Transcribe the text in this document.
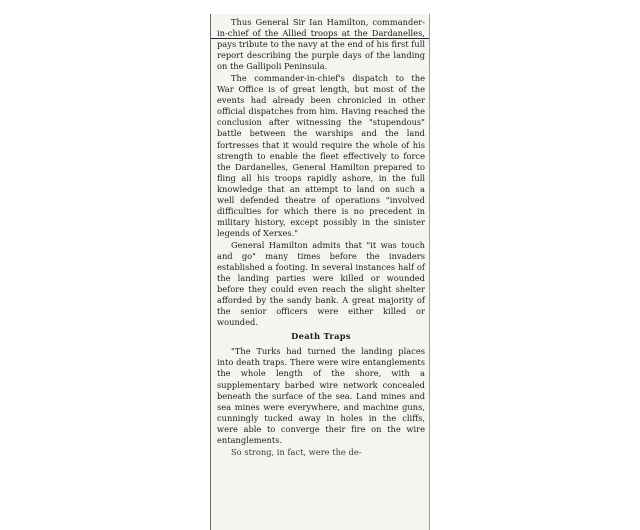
Thus General Sir Ian Hamilton, commander-in-chief of the Allied troops at the Dardanelles, pays tribute to the navy at the end of his first full report describing the purple days of the landing on the Gallipoli Peninsula.

The commander-in-chief's dispatch to the War Office is of great length, but most of the events had already been chronicled in other official dispatches from him. Having reached the conclusion after witnessing the "stupendous" battle between the warships and the land fortresses that it would require the whole of his strength to enable the fleet effectively to force the Dardanelles, General Hamilton prepared to fling all his troops rapidly ashore, in the full knowledge that an attempt to land on such a well defended theatre of operations "involved difficulties for which there is no precedent in military history, except possibly in the sinister legends of Xerxes."

General Hamilton admits that "it was touch and go" many times before the invaders established a footing. In several instances half of the landing parties were killed or wounded before they could even reach the slight shelter afforded by the sandy bank. A great majority of the senior officers were either killed or wounded.

Death Traps

"The Turks had turned the landing places into death traps. There were wire entanglements the whole length of the shore, with a supplementary barbed wire network concealed beneath the surface of the sea. Land mines and sea mines were everywhere, and machine guns, cunningly tucked away in holes in the cliffs, were able to converge their fire on the wire entanglements.

So strong, in fact, were the de-
